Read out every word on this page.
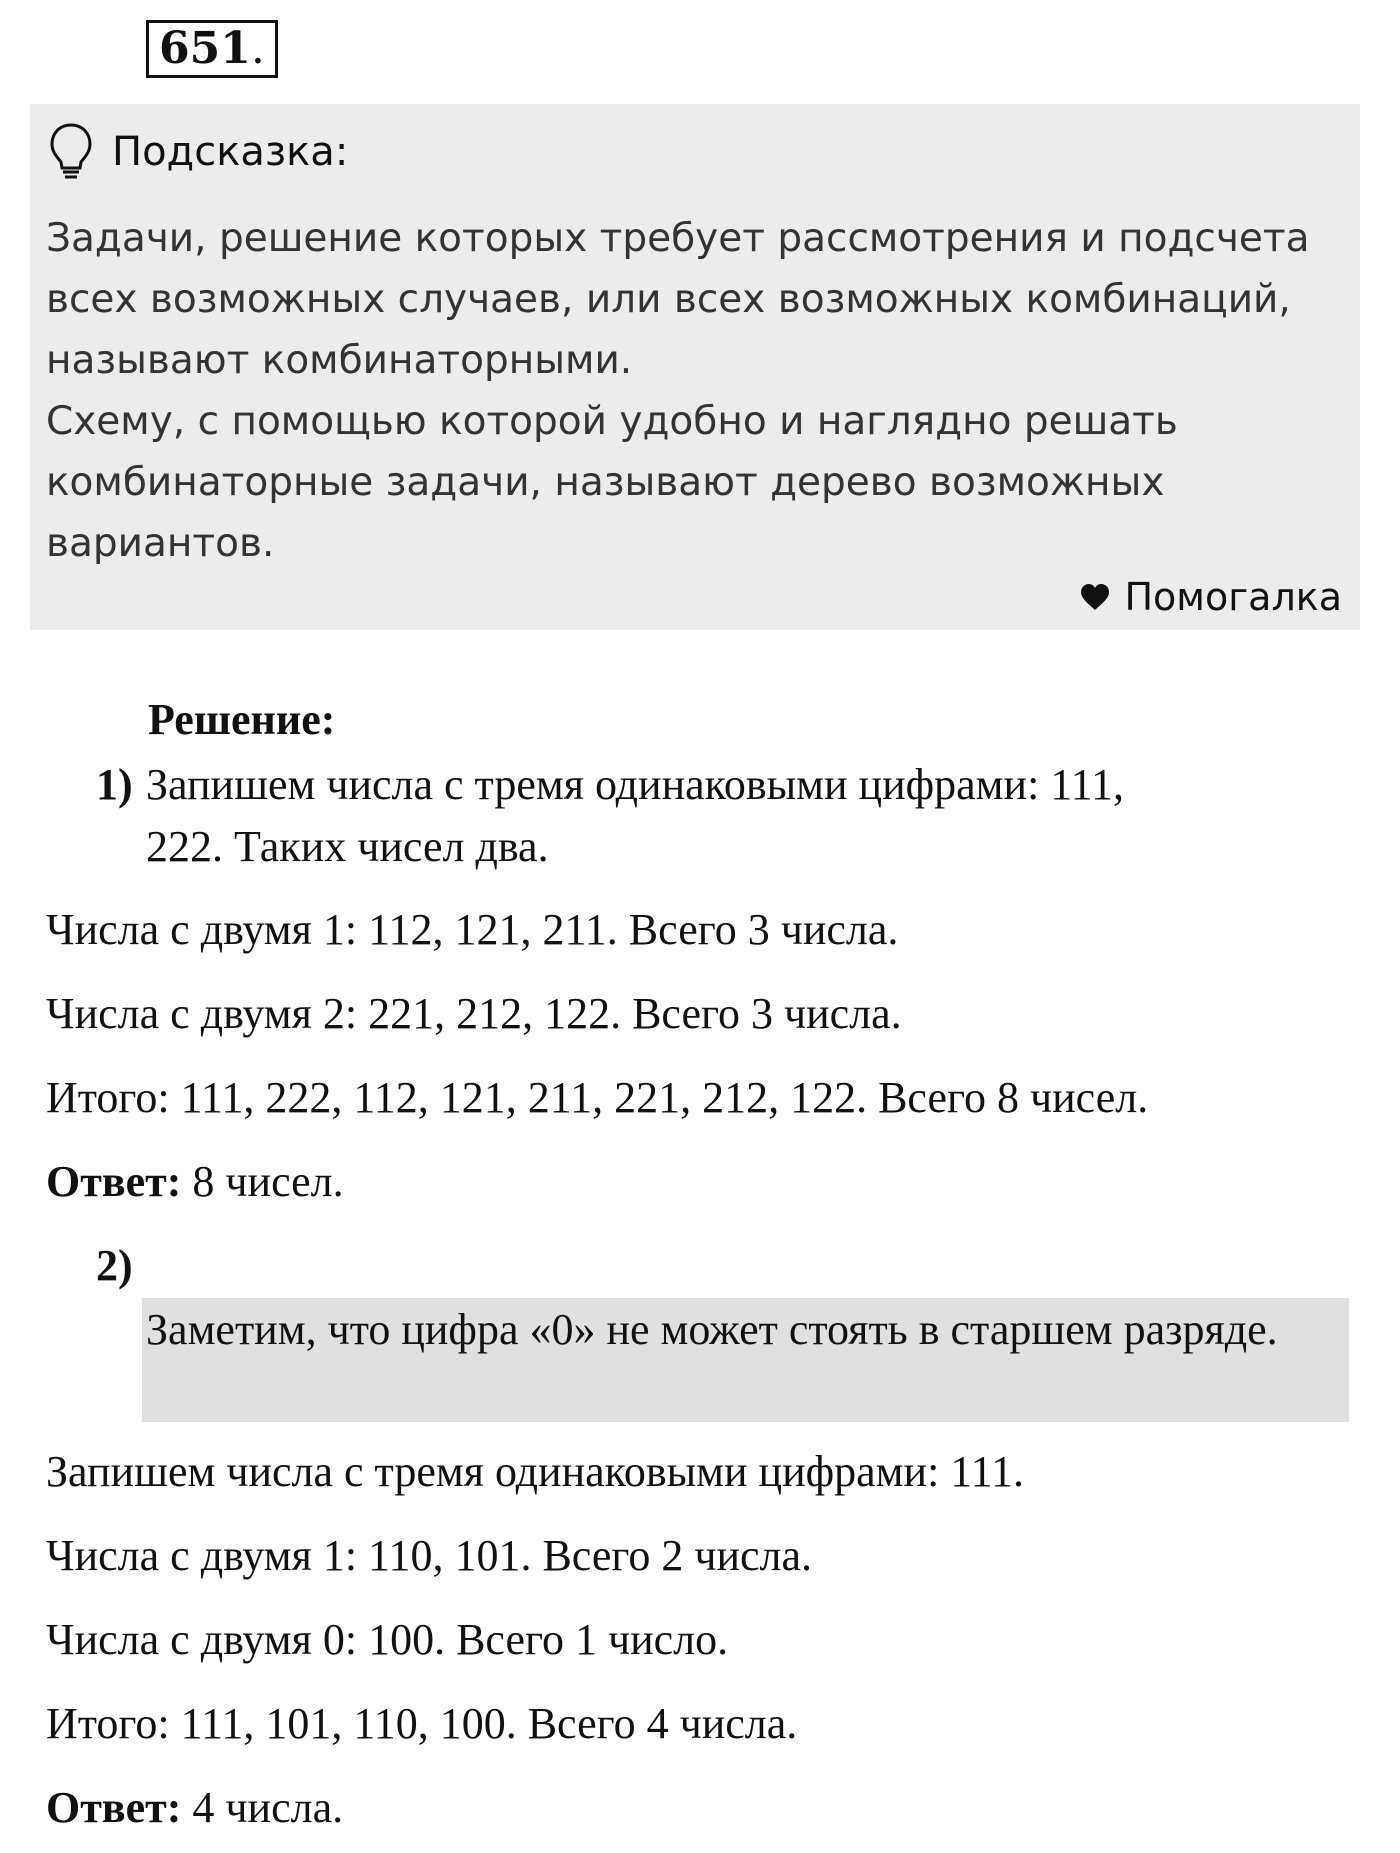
651.
Подсказка:

Задачи, решение которых требует рассмотрения и подсчета всех возможных случаев, или всех возможных комбинаций, называют комбинаторными.

Схему, с помощью которой удобно и наглядно решать комбинаторные задачи, называют дерево возможных вариантов.

Помогалка
Решение:
1) Запишем числа с тремя одинаковыми цифрами: 111,
222. Таких чисел два.
Числа с двумя 1: 112, 121, 211. Всего 3 числа.
Числа с двумя 2: 221, 212, 122. Всего 3 числа.
Итого: 111, 222, 112, 121, 211, 221, 212, 122. Всего 8 чисел.
Ответ: 8 чисел.
2)
Заметим, что цифра «0» не может стоять в старшем разряде.
Запишем числа с тремя одинаковыми цифрами: 111.
Числа с двумя 1: 110, 101. Всего 2 числа.
Числа с двумя 0: 100. Всего 1 число.
Итого: 111, 101, 110, 100. Всего 4 числа.
Ответ: 4 числа.
